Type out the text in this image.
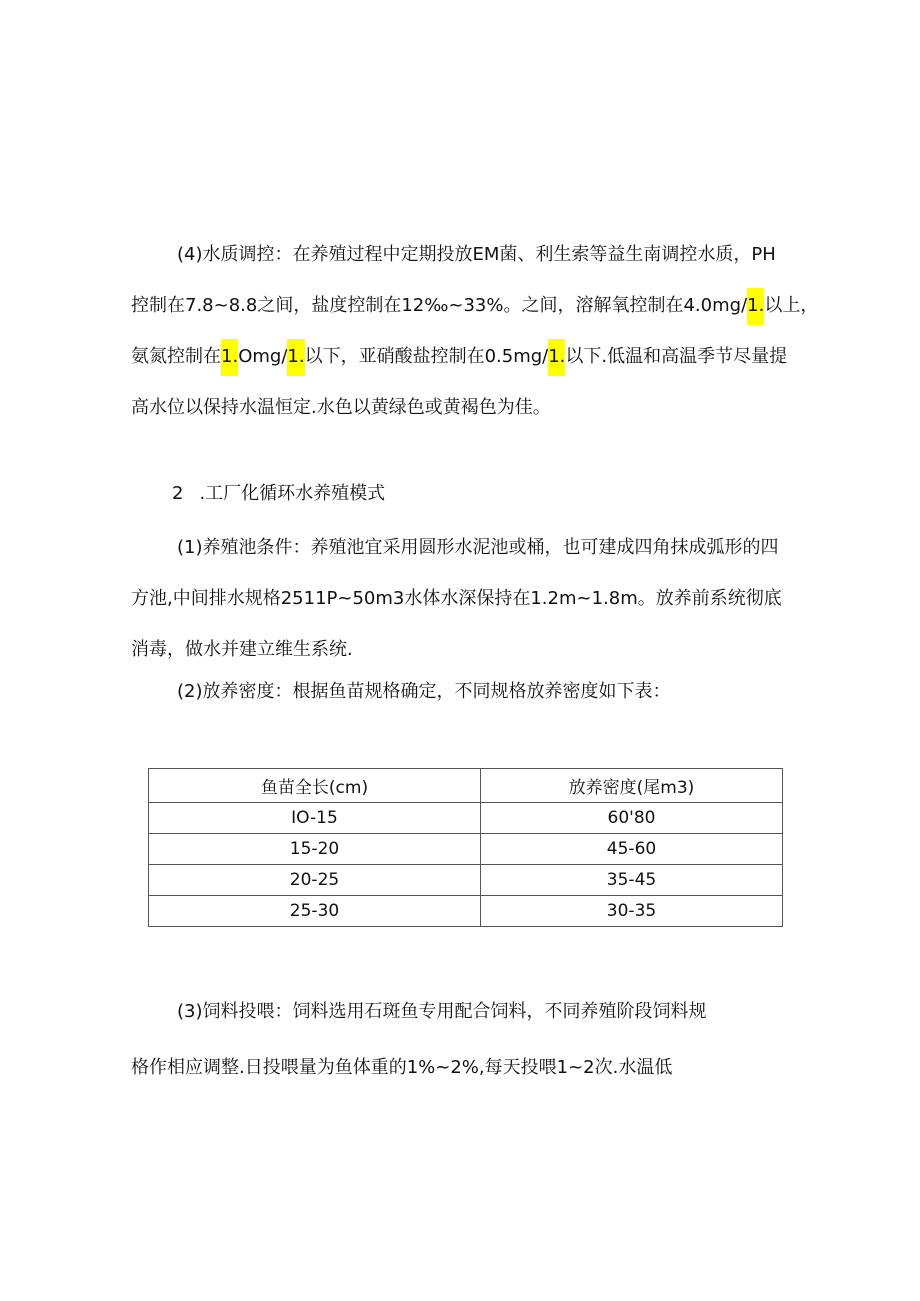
(4)水质调控：在养殖过程中定期投放EM菌、利生索等益生南调控水质，PH
控制在7.8~8.8之间，盐度控制在12‰~33%。之间，溶解氧控制在4.0mg∕1.以上，
氨氮控制在1.Omg/1.以下，亚硝酸盐控制在0.5mg∕1.以下.低温和高温季节尽量提
高水位以保持水温恒定.水色以黄绿色或黄褐色为佳。
2 .工厂化循环水养殖模式
(1)养殖池条件：养殖池宜采用圆形水泥池或桶，也可建成四角抹成弧形的四
方池,中间排水规格2511P~50m3水体水深保持在1.2m~1.8m。放养前系统彻底
消毒，做水并建立维生系统.
(2)放养密度：根据鱼苗规格确定，不同规格放养密度如下表：
鱼苗全长(cm)	放养密度(尾m3)
IO-15	60'80
15-20	45-60
20-25	35-45
25-30	30-35
(3)饲料投喂：饲料选用石斑鱼专用配合饲料，不同养殖阶段饲料规
格作相应调整.日投喂量为鱼体重的1%~2%,每天投喂1~2次.水温低
